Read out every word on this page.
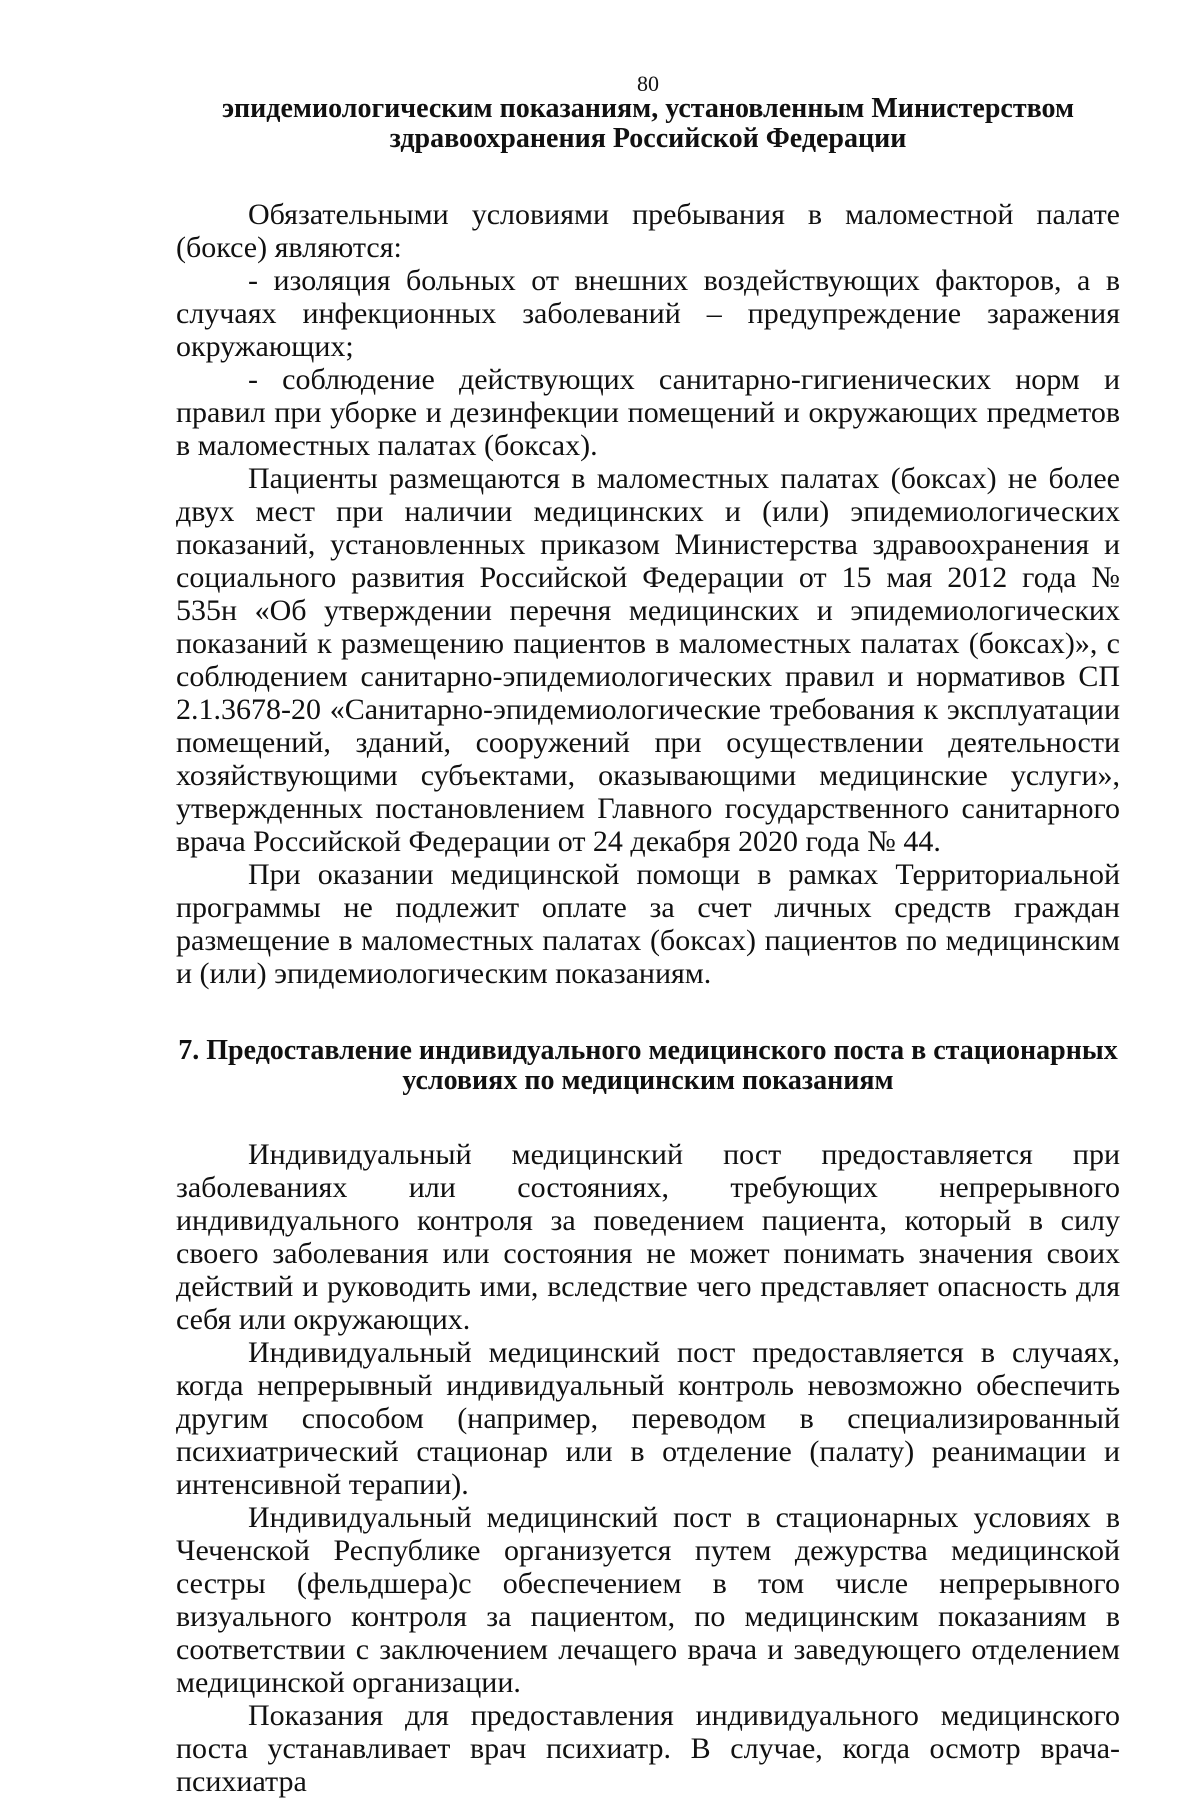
80

эпидемиологическим показаниям, установленным Министерством здравоохранения Российской Федерации

Обязательными условиями пребывания в маломестной палате (боксе) являются:

- изоляция больных от внешних воздействующих факторов, а в случаях инфекционных заболеваний – предупреждение заражения окружающих;

- соблюдение действующих санитарно-гигиенических норм и правил при уборке и дезинфекции помещений и окружающих предметов в маломестных палатах (боксах).

Пациенты размещаются в маломестных палатах (боксах) не более двух мест при наличии медицинских и (или) эпидемиологических показаний, установленных приказом Министерства здравоохранения и социального развития Российской Федерации от 15 мая 2012 года № 535н «Об утверждении перечня медицинских и эпидемиологических показаний к размещению пациентов в маломестных палатах (боксах)», с соблюдением санитарно-эпидемиологических правил и нормативов СП 2.1.3678-20 «Санитарно-эпидемиологические требования к эксплуатации помещений, зданий, сооружений при осуществлении деятельности хозяйствующими субъектами, оказывающими медицинские услуги», утвержденных постановлением Главного государственного санитарного врача Российской Федерации от 24 декабря 2020 года № 44.

При оказании медицинской помощи в рамках Территориальной программы не подлежит оплате за счет личных средств граждан размещение в маломестных палатах (боксах) пациентов по медицинским и (или) эпидемиологическим показаниям.

7. Предоставление индивидуального медицинского поста в стационарных условиях по медицинским показаниям

Индивидуальный медицинский пост предоставляется при заболеваниях или состояниях, требующих непрерывного индивидуального контроля за поведением пациента, который в силу своего заболевания или состояния не может понимать значения своих действий и руководить ими, вследствие чего представляет опасность для себя или окружающих.

Индивидуальный медицинский пост предоставляется в случаях, когда непрерывный индивидуальный контроль невозможно обеспечить другим способом (например, переводом в специализированный психиатрический стационар или в отделение (палату) реанимации и интенсивной терапии).

Индивидуальный медицинский пост в стационарных условиях в Чеченской Республике организуется путем дежурства медицинской сестры (фельдшера)с обеспечением в том числе непрерывного визуального контроля за пациентом, по медицинским показаниям в соответствии с заключением лечащего врача и заведующего отделением медицинской организации.

Показания для предоставления индивидуального медицинского поста устанавливает врач психиатр. В случае, когда осмотр врача-психиатра
